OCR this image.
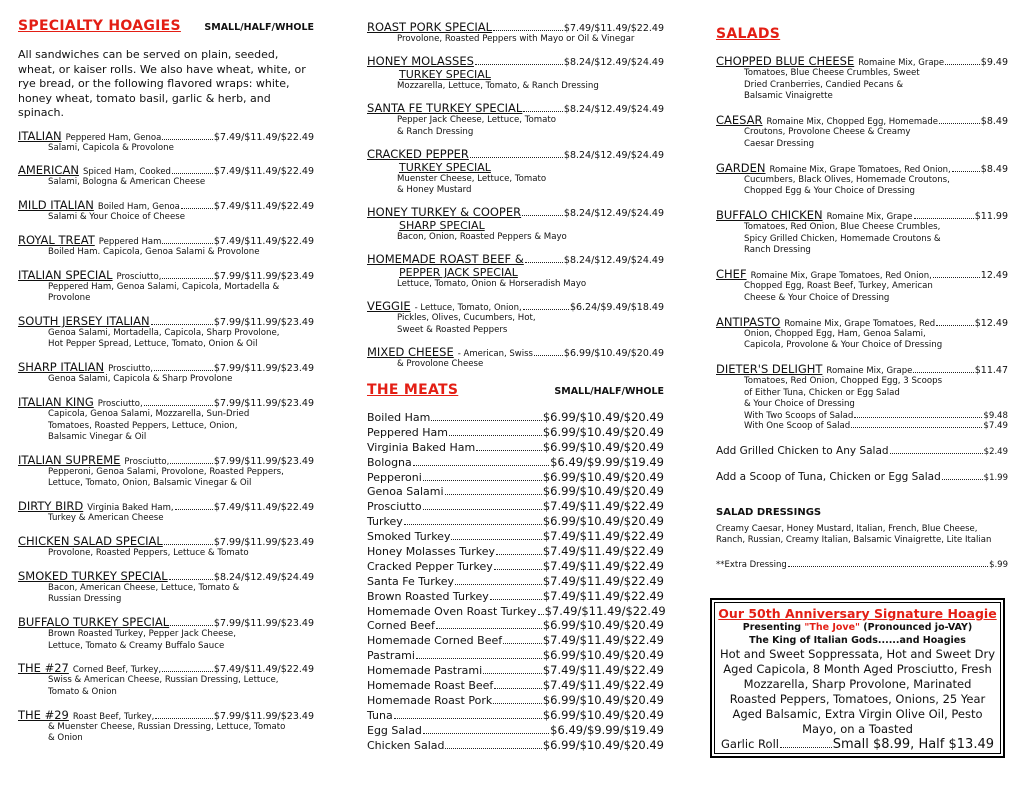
SPECIALTY HOAGIES SMALL/HALF/WHOLE

All sandwiches can be served on plain, seeded, wheat, or kaiser rolls. We also have wheat, white, or rye bread, or the following flavored wraps: white, honey wheat, tomato basil, garlic & herb, and spinach.

ITALIAN Peppered Ham, Genoa	$7.49/$11.49/$22.49
Salami, Capicola & Provolone
AMERICAN Spiced Ham, Cooked	$7.49/$11.49/$22.49
Salami, Bologna & American Cheese
MILD ITALIAN Boiled Ham, Genoa	$7.49/$11.49/$22.49
Salami & Your Choice of Cheese
ROYAL TREAT Peppered Ham	$7.49/$11.49/$22.49
Boiled Ham. Capicola, Genoa Salami & Provolone
ITALIAN SPECIAL Prosciutto,	$7.99/$11.99/$23.49
Peppered Ham, Genoa Salami, Capicola, Mortadella &
Provolone
SOUTH JERSEY ITALIAN	$7.99/$11.99/$23.49
Genoa Salami, Mortadella, Capicola, Sharp Provolone,
Hot Pepper Spread, Lettuce, Tomato, Onion & Oil
SHARP ITALIAN Prosciutto,	$7.99/$11.99/$23.49
Genoa Salami, Capicola & Sharp Provolone
ITALIAN KING Prosciutto,	$7.99/$11.99/$23.49
Capicola, Genoa Salami, Mozzarella, Sun-Dried
Tomatoes, Roasted Peppers, Lettuce, Onion,
Balsamic Vinegar & Oil
ITALIAN SUPREME Prosciutto,	$7.99/$11.99/$23.49
Pepperoni, Genoa Salami, Provolone, Roasted Peppers,
Lettuce, Tomato, Onion, Balsamic Vinegar & Oil
DIRTY BIRD Virginia Baked Ham,	$7.49/$11.49/$22.49
Turkey & American Cheese
CHICKEN SALAD SPECIAL	$7.99/$11.99/$23.49
Provolone, Roasted Peppers, Lettuce & Tomato
SMOKED TURKEY SPECIAL	$8.24/$12.49/$24.49
Bacon, American Cheese, Lettuce, Tomato &
Russian Dressing
BUFFALO TURKEY SPECIAL	$7.99/$11.99/$23.49
Brown Roasted Turkey, Pepper Jack Cheese,
Lettuce, Tomato & Creamy Buffalo Sauce
THE #27 Corned Beef, Turkey,	$7.49/$11.49/$22.49
Swiss & American Cheese, Russian Dressing, Lettuce,
Tomato & Onion
THE #29 Roast Beef, Turkey,	$7.99/$11.99/$23.49
& Muenster Cheese, Russian Dressing, Lettuce, Tomato
& Onion
ROAST PORK SPECIAL	$7.49/$11.49/$22.49
Provolone, Roasted Peppers with Mayo or Oil & Vinegar
HONEY MOLASSES	$8.24/$12.49/$24.49
TURKEY SPECIAL
Mozzarella, Lettuce, Tomato, & Ranch Dressing
SANTA FE TURKEY SPECIAL	$8.24/$12.49/$24.49
Pepper Jack Cheese, Lettuce, Tomato
& Ranch Dressing
CRACKED PEPPER	$8.24/$12.49/$24.49
TURKEY SPECIAL
Muenster Cheese, Lettuce, Tomato
& Honey Mustard
HONEY TURKEY & COOPER	$8.24/$12.49/$24.49
SHARP SPECIAL
Bacon, Onion, Roasted Peppers & Mayo
HOMEMADE ROAST BEEF &	$8.24/$12.49/$24.49
PEPPER JACK SPECIAL
Lettuce, Tomato, Onion & Horseradish Mayo
VEGGIE - Lettuce, Tomato, Onion,	$6.24/$9.49/$18.49
Pickles, Olives, Cucumbers, Hot,
Sweet & Roasted Peppers
MIXED CHEESE - American, Swiss	$6.99/$10.49/$20.49
& Provolone Cheese
THE MEATS	SMALL/HALF/WHOLE
Boiled Ham	$6.99/$10.49/$20.49
Peppered Ham	$6.99/$10.49/$20.49
Virginia Baked Ham	$6.99/$10.49/$20.49
Bologna	$6.49/$9.99/$19.49
Pepperoni	$6.99/$10.49/$20.49
Genoa Salami	$6.99/$10.49/$20.49
Prosciutto	$7.49/$11.49/$22.49
Turkey	$6.99/$10.49/$20.49
Smoked Turkey	$7.49/$11.49/$22.49
Honey Molasses Turkey	$7.49/$11.49/$22.49
Cracked Pepper Turkey	$7.49/$11.49/$22.49
Santa Fe Turkey	$7.49/$11.49/$22.49
Brown Roasted Turkey	$7.49/$11.49/$22.49
Homemade Oven Roast Turkey $7.49/$11.49/$22.49
Corned Beef	$6.99/$10.49/$20.49
Homemade Corned Beef	$7.49/$11.49/$22.49
Pastrami	$6.99/$10.49/$20.49
Homemade Pastrami	$7.49/$11.49/$22.49
Homemade Roast Beef	$7.49/$11.49/$22.49
Homemade Roast Pork	$6.99/$10.49/$20.49
Tuna	$6.99/$10.49/$20.49
Egg Salad	$6.49/$9.99/$19.49
Chicken Salad	$6.99/$10.49/$20.49
SALADS
CHOPPED BLUE CHEESE Romaine Mix, Grape	$9.49
Tomatoes, Blue Cheese Crumbles, Sweet
Dried Cranberries, Candied Pecans &
Balsamic Vinaigrette
CAESAR Romaine Mix, Chopped Egg, Homemade	$8.49
Croutons, Provolone Cheese & Creamy
Caesar Dressing
GARDEN Romaine Mix, Grape Tomatoes, Red Onion,	$8.49
Cucumbers, Black Olives, Homemade Croutons,
Chopped Egg & Your Choice of Dressing
BUFFALO CHICKEN Romaine Mix, Grape	$11.99
Tomatoes, Red Onion, Blue Cheese Crumbles,
Spicy Grilled Chicken, Homemade Croutons &
Ranch Dressing
CHEF Romaine Mix, Grape Tomatoes, Red Onion,	12.49
Chopped Egg, Roast Beef, Turkey, American
Cheese & Your Choice of Dressing
ANTIPASTO Romaine Mix, Grape Tomatoes, Red	$12.49
Onion, Chopped Egg, Ham, Genoa Salami,
Capicola, Provolone & Your Choice of Dressing
DIETER'S DELIGHT Romaine Mix, Grape	$11.47
Tomatoes, Red Onion, Chopped Egg, 3 Scoops
of Either Tuna, Chicken or Egg Salad
& Your Choice of Dressing
With Two Scoops of Salad	$9.48
With One Scoop of Salad	$7.49
Add Grilled Chicken to Any Salad	$2.49
Add a Scoop of Tuna, Chicken or Egg Salad	$1.99
SALAD DRESSINGS
Creamy Caesar, Honey Mustard, Italian, French, Blue Cheese, Ranch, Russian, Creamy Italian, Balsamic Vinaigrette, Lite Italian
**Extra Dressing	$.99
Our 50th Anniversary Signature Hoagie
Presenting "The Jove" (Pronounced jo-VAY)
The King of Italian Gods......and Hoagies
Hot and Sweet Soppressata, Hot and Sweet Dry Aged Capicola, 8 Month Aged Prosciutto, Fresh Mozzarella, Sharp Provolone, Marinated Roasted Peppers, Tomatoes, Onions, 25 Year Aged Balsamic, Extra Virgin Olive Oil, Pesto Mayo, on a Toasted
Garlic Roll	Small $8.99, Half $13.49
